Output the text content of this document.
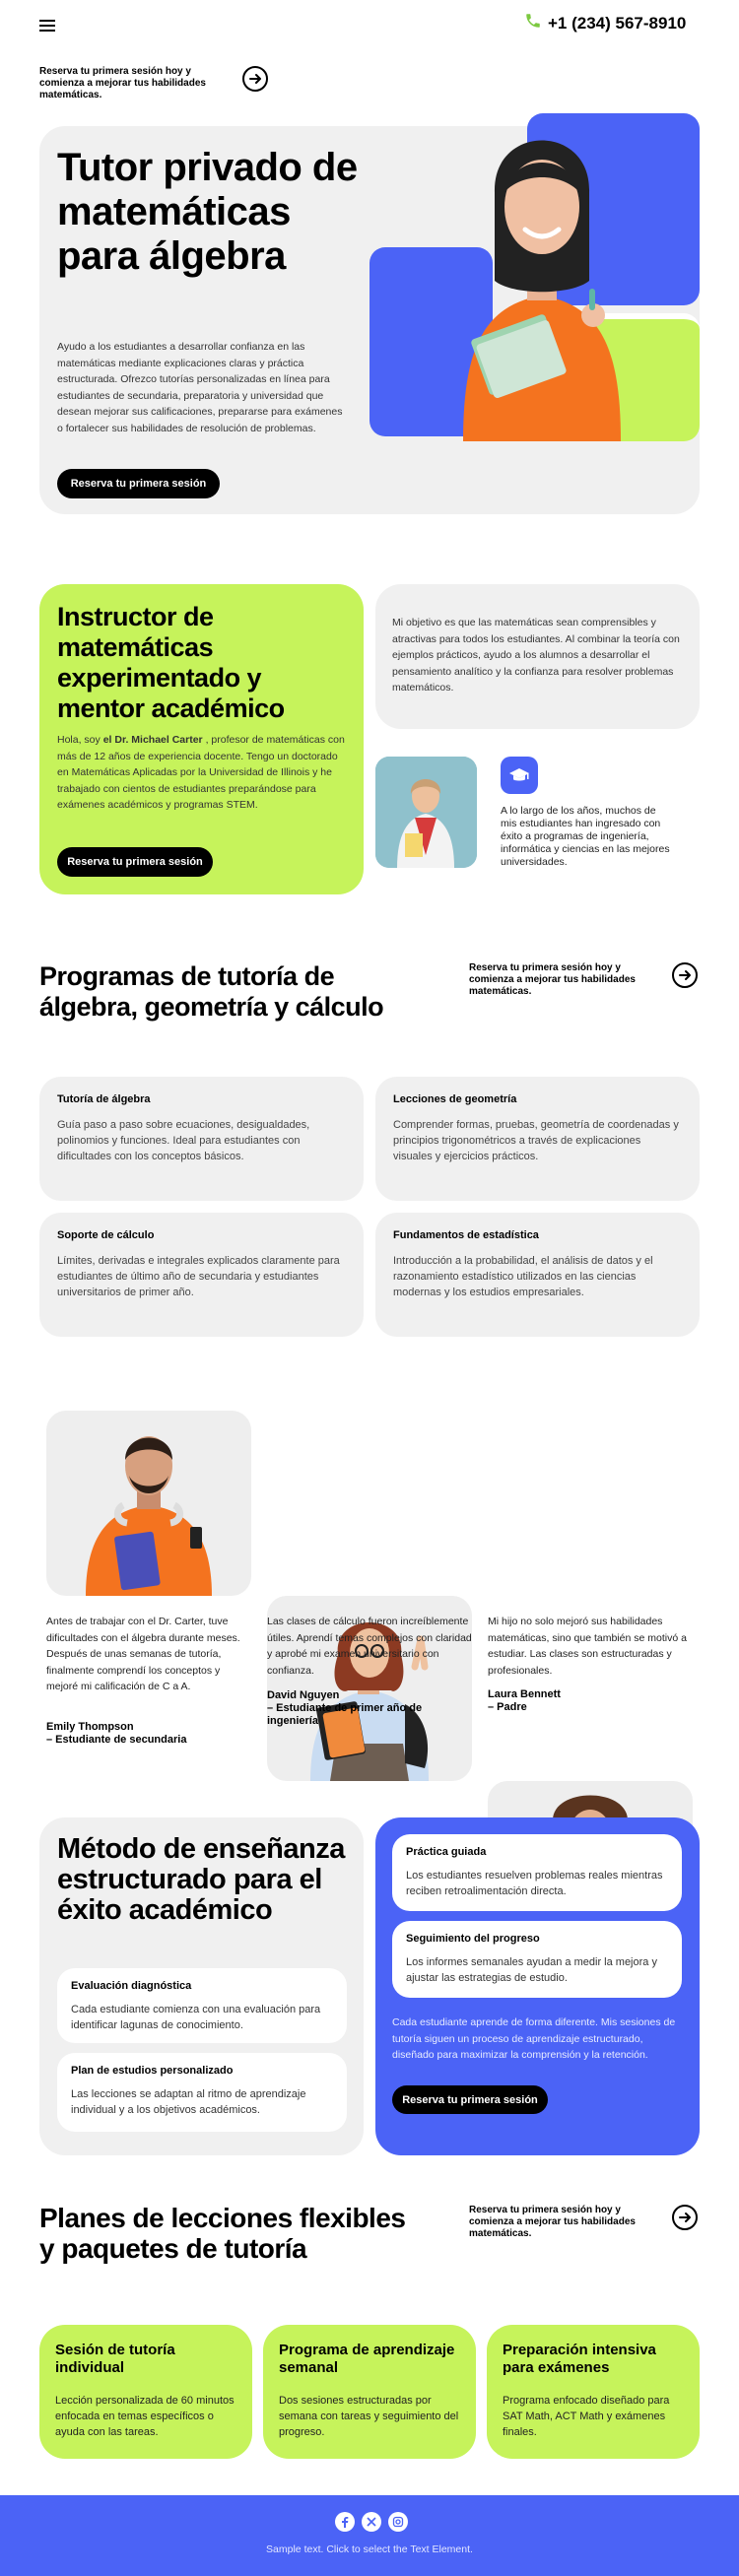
+1 (234) 567-8910
Reserva tu primera sesión hoy y comienza a mejorar tus habilidades matemáticas.
Tutor privado de matemáticas para álgebra
Ayudo a los estudiantes a desarrollar confianza en las matemáticas mediante explicaciones claras y práctica estructurada. Ofrezco tutorías personalizadas en línea para estudiantes de secundaria, preparatoria y universidad que desean mejorar sus calificaciones, prepararse para exámenes o fortalecer sus habilidades de resolución de problemas.
Reserva tu primera sesión
Instructor de matemáticas experimentado y mentor académico
Hola, soy el Dr. Michael Carter , profesor de matemáticas con más de 12 años de experiencia docente. Tengo un doctorado en Matemáticas Aplicadas por la Universidad de Illinois y he trabajado con cientos de estudiantes preparándose para exámenes académicos y programas STEM.
Reserva tu primera sesión
Mi objetivo es que las matemáticas sean comprensibles y atractivas para todos los estudiantes. Al combinar la teoría con ejemplos prácticos, ayudo a los alumnos a desarrollar el pensamiento analítico y la confianza para resolver problemas matemáticos.
A lo largo de los años, muchos de mis estudiantes han ingresado con éxito a programas de ingeniería, informática y ciencias en las mejores universidades.
Programas de tutoría de álgebra, geometría y cálculo
Reserva tu primera sesión hoy y comienza a mejorar tus habilidades matemáticas.
Tutoría de álgebra
Guía paso a paso sobre ecuaciones, desigualdades, polinomios y funciones. Ideal para estudiantes con dificultades con los conceptos básicos.
Lecciones de geometría
Comprender formas, pruebas, geometría de coordenadas y principios trigonométricos a través de explicaciones visuales y ejercicios prácticos.
Soporte de cálculo
Límites, derivadas e integrales explicados claramente para estudiantes de último año de secundaria y estudiantes universitarios de primer año.
Fundamentos de estadística
Introducción a la probabilidad, el análisis de datos y el razonamiento estadístico utilizados en las ciencias modernas y los estudios empresariales.
Antes de trabajar con el Dr. Carter, tuve dificultades con el álgebra durante meses. Después de unas semanas de tutoría, finalmente comprendí los conceptos y mejoré mi calificación de C a A.
Emily Thompson
– Estudiante de secundaria
Las clases de cálculo fueron increíblemente útiles. Aprendí temas complejos con claridad y aprobé mi examen universitario con confianza.
David Nguyen
– Estudiante de primer año de ingeniería
Mi hijo no solo mejoró sus habilidades matemáticas, sino que también se motivó a estudiar. Las clases son estructuradas y profesionales.
Laura Bennett
– Padre
Método de enseñanza estructurado para el éxito académico
Evaluación diagnóstica
Cada estudiante comienza con una evaluación para identificar lagunas de conocimiento.
Plan de estudios personalizado
Las lecciones se adaptan al ritmo de aprendizaje individual y a los objetivos académicos.
Práctica guiada
Los estudiantes resuelven problemas reales mientras reciben retroalimentación directa.
Seguimiento del progreso
Los informes semanales ayudan a medir la mejora y ajustar las estrategias de estudio.
Cada estudiante aprende de forma diferente. Mis sesiones de tutoría siguen un proceso de aprendizaje estructurado, diseñado para maximizar la comprensión y la retención.
Reserva tu primera sesión
Planes de lecciones flexibles y paquetes de tutoría
Reserva tu primera sesión hoy y comienza a mejorar tus habilidades matemáticas.
Sesión de tutoría individual
Lección personalizada de 60 minutos enfocada en temas específicos o ayuda con las tareas.
Programa de aprendizaje semanal
Dos sesiones estructuradas por semana con tareas y seguimiento del progreso.
Preparación intensiva para exámenes
Programa enfocado diseñado para SAT Math, ACT Math y exámenes finales.
Sample text. Click to select the Text Element.
